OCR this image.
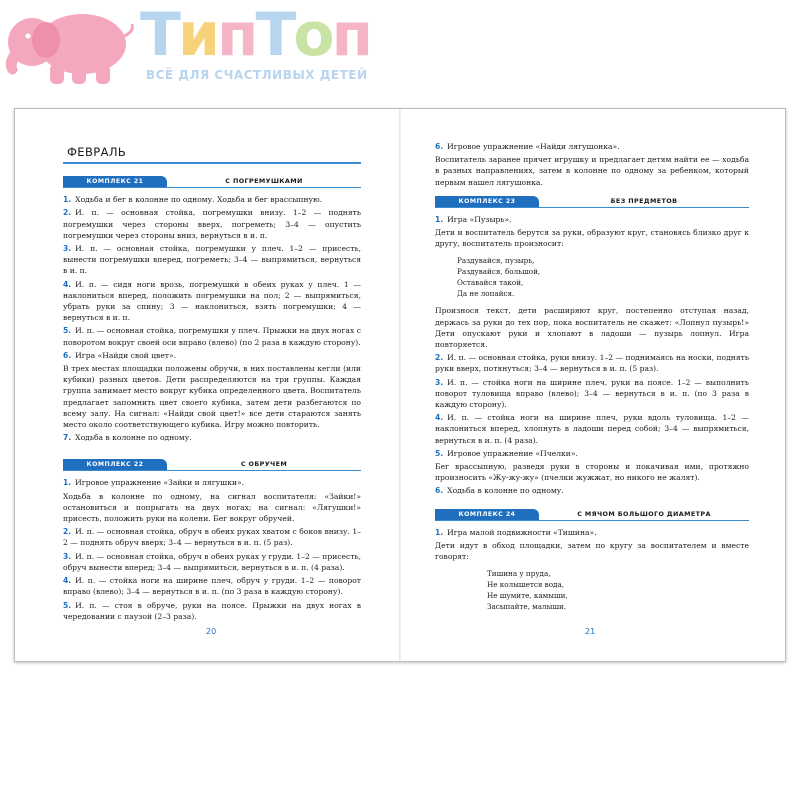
ТипТоп
ВСЁ ДЛЯ СЧАСТЛИВЫХ ДЕТЕЙ
ФЕВРАЛЬ
КОМПЛЕКС 21	С ПОГРЕМУШКАМИ
1. Ходьба и бег в колонне по одному. Ходьба и бег врассыпную.
2. И. п. — основная стойка, погремушки внизу. 1–2 — поднять погремушки через стороны вверх, погреметь; 3–4 — опустить погремушки через стороны вниз, вернуться в и. п.
3. И. п. — основная стойка, погремушки у плеч. 1–2 — присесть, вынести погремушки вперед, погреметь; 3–4 — выпрямиться, вернуться в и. п.
4. И. п. — сидя ноги врозь, погремушки в обеих руках у плеч. 1 — наклониться вперед, положить погремушки на пол; 2 — выпрямиться, убрать руки за спину; 3 — наклониться, взять погремушки; 4 — вернуться в и. п.
5. И. п. — основная стойка, погремушки у плеч. Прыжки на двух ногах с поворотом вокруг своей оси вправо (влево) (по 2 раза в каждую сторону).
6. Игра «Найди свой цвет».
В трех местах площадки положены обручи, в них поставлены кегли (или кубики) разных цветов. Дети распределяются на три группы. Каждая группа занимает место вокруг кубика определенного цвета. Воспитатель предлагает запомнить цвет своего кубика, затем дети разбегаются по всему залу. На сигнал: «Найди свой цвет!» все дети стараются занять место около соответствующего кубика. Игру можно повторить.
7. Ходьба в колонне по одному.
КОМПЛЕКС 22	С ОБРУЧЕМ
1. Игровое упражнение «Зайки и лягушки».
Ходьба в колонне по одному, на сигнал воспитателя: «Зайки!» остановиться и попрыгать на двух ногах; на сигнал: «Лягушки!» присесть, положить руки на колени. Бег вокруг обручей.
2. И. п. — основная стойка, обруч в обеих руках хватом с боков внизу. 1–2 — поднять обруч вверх; 3–4 — вернуться в и. п. (5 раз).
3. И. п. — основная стойка, обруч в обеих руках у груди. 1–2 — присесть, обруч вынести вперед; 3–4 — выпрямиться, вернуться в и. п. (4 раза).
4. И. п. — стойка ноги на ширине плеч, обруч у груди. 1–2 — поворот вправо (влево); 3–4 — вернуться в и. п. (по 3 раза в каждую сторону).
5. И. п. — стоя в обруче, руки на поясе. Прыжки на двух ногах в чередовании с паузой (2–3 раза).
20
6. Игровое упражнение «Найди лягушонка».
Воспитатель заранее прячет игрушку и предлагает детям найти ее — ходьба в разных направлениях, затем в колонне по одному за ребенком, который первым нашел лягушонка.
КОМПЛЕКС 23	БЕЗ ПРЕДМЕТОВ
1. Игра «Пузырь».
Дети и воспитатель берутся за руки, образуют круг, становясь близко друг к другу, воспитатель произносит:
Раздувайся, пузырь,
Раздувайся, большой,
Оставайся такой,
Да не лопайся.
Произнося текст, дети расширяют круг, постепенно отступая назад, держась за руки до тех пор, пока воспитатель не скажет: «Лопнул пузырь!» Дети опускают руки и хлопают в ладоши — пузырь лопнул. Игра повторяется.
2. И. п. — основная стойка, руки внизу. 1–2 — поднимаясь на носки, поднять руки вверх, потянуться; 3–4 — вернуться в и. п. (5 раз).
3. И. п. — стойка ноги на ширине плеч, руки на поясе. 1–2 — выполнить поворот туловища вправо (влево); 3–4 — вернуться в и. п. (по 3 раза в каждую сторону).
4. И. п. — стойка ноги на ширине плеч, руки вдоль туловища. 1–2 — наклониться вперед, хлопнуть в ладоши перед собой; 3–4 — выпрямиться, вернуться в и. п. (4 раза).
5. Игровое упражнение «Пчелки».
Бег врассыпную, разведя руки в стороны и покачивая ими, протяжно произносить «Жу-жу-жу» (пчелки жужжат, но никого не жалят).
6. Ходьба в колонне по одному.
КОМПЛЕКС 24	С МЯЧОМ БОЛЬШОГО ДИАМЕТРА
1. Игра малой подвижности «Тишина».
Дети идут в обход площадки, затем по кругу за воспитателем и вместе говорят:
Тишина у пруда,
Не колышется вода,
Не шумите, камыши,
Засыпайте, малыши.
21
